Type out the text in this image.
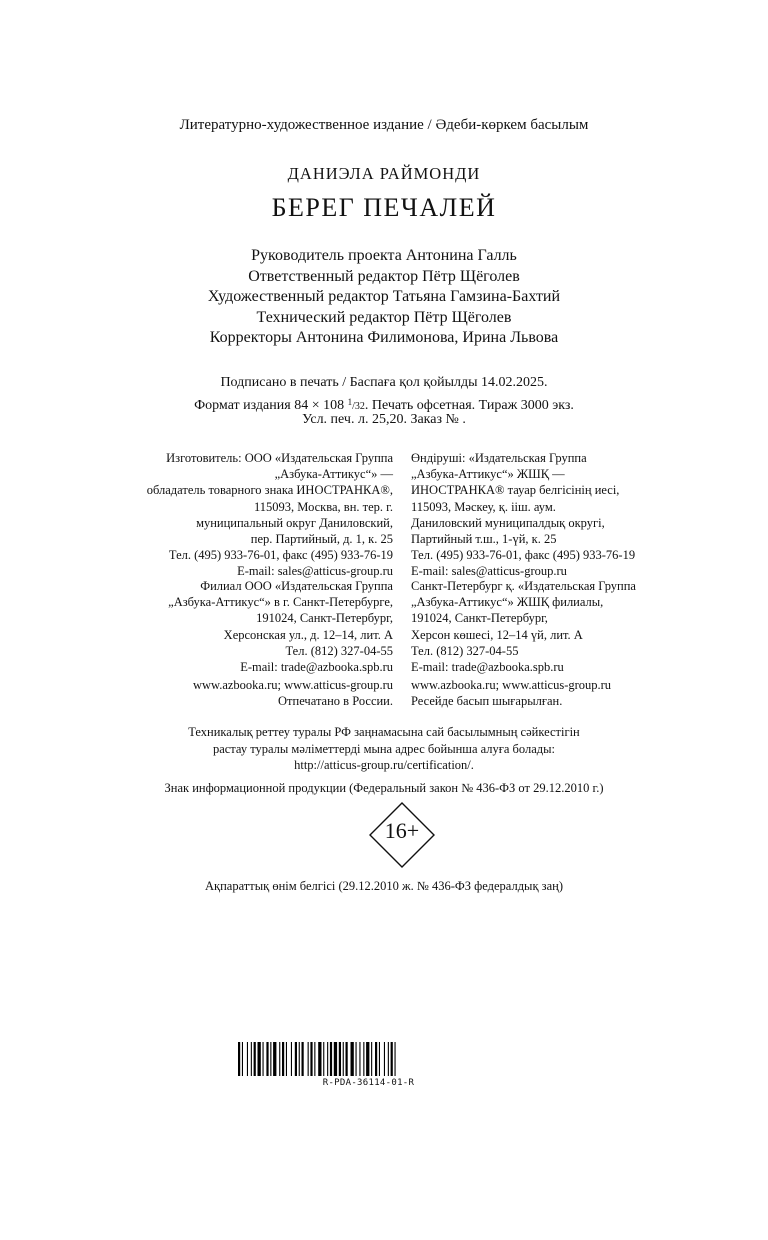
Литературно-художественное издание / Әдеби-көркем басылым
ДАНИЭЛА РАЙМОНДИ
БЕРЕГ ПЕЧАЛЕЙ
Руководитель проекта Антонина Галль
Ответственный редактор Пётр Щёголев
Художественный редактор Татьяна Гамзина-Бахтий
Технический редактор Пётр Щёголев
Корректоры Антонина Филимонова, Ирина Львова
Подписано в печать / Баспаға қол қойылды 14.02.2025.
Формат издания 84 × 108 $^1$/32. Печать офсетная. Тираж 3000 экз.
Усл. печ. л. 25,20. Заказ № .
Изготовитель: ООО «Издательская Группа
„Азбука-Аттикус“» —
обладатель товарного знака ИНОСТРАНКА®,
115093, Москва, вн. тер. г.
муниципальный округ Даниловский,
пер. Партийный, д. 1, к. 25
Тел. (495) 933-76-01, факс (495) 933-76-19
E-mail: sales@atticus-group.ru
Өндіруші: «Издательская Группа
„Азбука-Аттикус“» ЖШҚ —
ИНОСТРАНКА® тауар белгісінің иесі,
115093, Мәскеу, қ. ііш. аум.
Даниловский муниципалдық округі,
Партийный т.ш., 1-үй, к. 25
Тел. (495) 933-76-01, факс (495) 933-76-19
E-mail: sales@atticus-group.ru
Филиал ООО «Издательская Группа
„Азбука-Аттикус“» в г. Санкт-Петербурге,
191024, Санкт-Петербург,
Херсонская ул., д. 12–14, лит. А
Тел. (812) 327-04-55
E-mail: trade@azbooka.spb.ru
Санкт-Петербург қ. «Издательская Группа
„Азбука-Аттикус“» ЖШҚ филиалы,
191024, Санкт-Петербург,
Херсон көшесі, 12–14 үй, лит. А
Тел. (812) 327-04-55
E-mail: trade@azbooka.spb.ru
www.azbooka.ru; www.atticus-group.ru
Отпечатано в России.
www.azbooka.ru; www.atticus-group.ru
Ресейде басып шығарылған.
Техникалық реттеу туралы РФ заңнамасына сай басылымның сәйкестігін
растау туралы мәліметтерді мына адрес бойынша алуға болады:
http://atticus-group.ru/certification/.
Знак информационной продукции (Федеральный закон № 436-ФЗ от 29.12.2010 г.)
16+
Ақпараттық өнім белгісі (29.12.2010 ж. № 436-ФЗ федералдық заң)
R-PDA-36114-01-R
